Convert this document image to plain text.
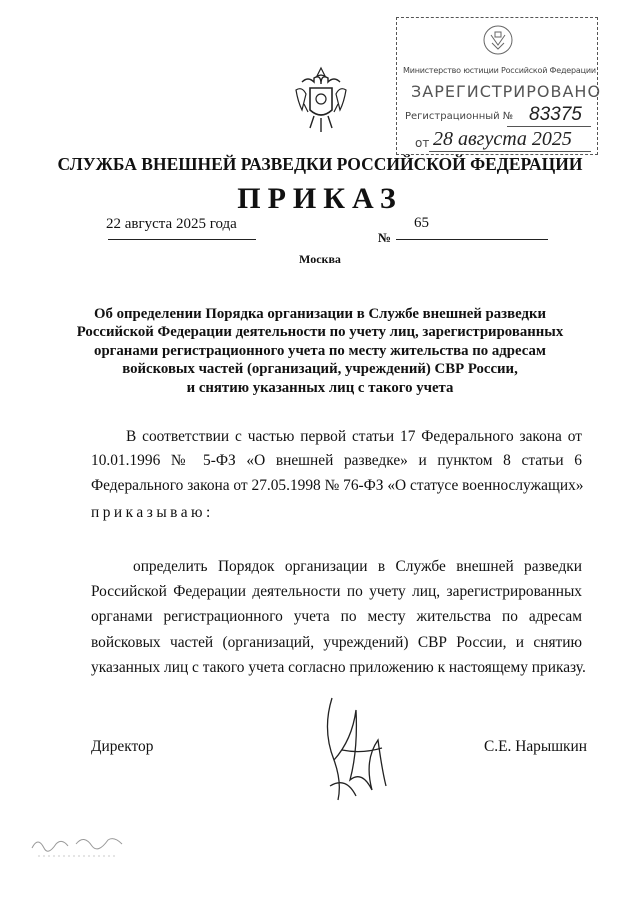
Министерство юстиции Российской Федерации
ЗАРЕГИСТРИРОВАНО
Регистрационный № 83375
от 28 августа 2025
СЛУЖБА ВНЕШНЕЙ РАЗВЕДКИ РОССИЙСКОЙ ФЕДЕРАЦИИ
ПРИКАЗ
22 августа 2025 года
№
65
Москва
Об определении Порядка организации в Службе внешней разведки
Российской Федерации деятельности по учету лиц, зарегистрированных
органами регистрационного учета по месту жительства по адресам
войсковых частей (организаций, учреждений) СВР России,
и снятию указанных лиц с такого учета
В соответствии с частью первой статьи 17 Федерального закона от
10.01.1996 № 5-ФЗ «О внешней разведке» и пунктом 8 статьи 6
Федерального закона от 27.05.1998 № 76-ФЗ «О статусе военнослужащих»
приказываю:
определить Порядок организации в Службе внешней разведки
Российской Федерации деятельности по учету лиц, зарегистрированных
органами регистрационного учета по месту жительства по адресам
войсковых частей (организаций, учреждений) СВР России, и снятию
указанных лиц с такого учета согласно приложению к настоящему приказу.
Директор	С.Е. Нарышкин
